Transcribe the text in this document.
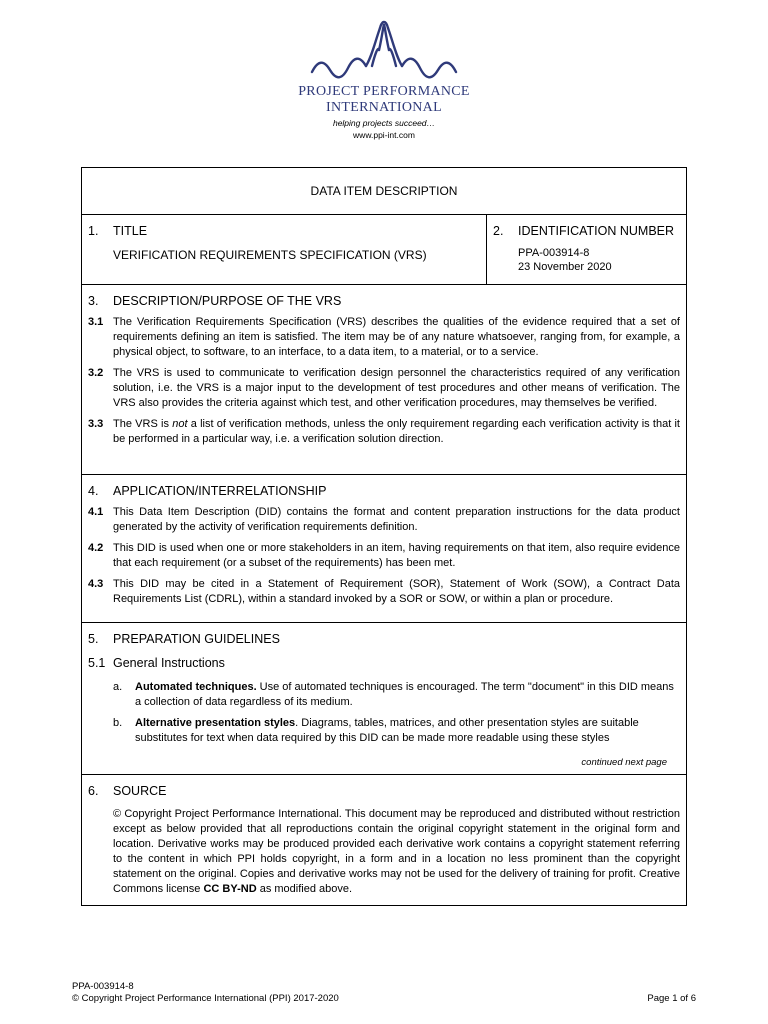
PROJECT PERFORMANCE
INTERNATIONAL
helping projects succeed…
www.ppi-int.com
DATA ITEM DESCRIPTION
1.	TITLE
VERIFICATION REQUIREMENTS SPECIFICATION (VRS)
2.	IDENTIFICATION NUMBER
PPA-003914-8
23 November 2020
3.	DESCRIPTION/PURPOSE OF THE VRS
3.1 The Verification Requirements Specification (VRS) describes the qualities of the evidence required that a set of requirements defining an item is satisfied. The item may be of any nature whatsoever, ranging from, for example, a physical object, to software, to an interface, to a data item, to a material, or to a service.
3.2 The VRS is used to communicate to verification design personnel the characteristics required of any verification solution, i.e. the VRS is a major input to the development of test procedures and other means of verification. The VRS also provides the criteria against which test, and other verification procedures, may themselves be verified.
3.3 The VRS is not a list of verification methods, unless the only requirement regarding each verification activity is that it be performed in a particular way, i.e. a verification solution direction.
4.	APPLICATION/INTERRELATIONSHIP
4.1 This Data Item Description (DID) contains the format and content preparation instructions for the data product generated by the activity of verification requirements definition.
4.2 This DID is used when one or more stakeholders in an item, having requirements on that item, also require evidence that each requirement (or a subset of the requirements) has been met.
4.3 This DID may be cited in a Statement of Requirement (SOR), Statement of Work (SOW), a Contract Data Requirements List (CDRL), within a standard invoked by a SOR or SOW, or within a plan or procedure.
5.	PREPARATION GUIDELINES
5.1 General Instructions
a.	Automated techniques. Use of automated techniques is encouraged. The term "document" in this DID means a collection of data regardless of its medium.
b.	Alternative presentation styles. Diagrams, tables, matrices, and other presentation styles are suitable substitutes for text when data required by this DID can be made more readable using these styles
continued next page
6.	SOURCE
© Copyright Project Performance International. This document may be reproduced and distributed without restriction except as below provided that all reproductions contain the original copyright statement in the original form and location. Derivative works may be produced provided each derivative work contains a copyright statement referring to the content in which PPI holds copyright, in a form and in a location no less prominent than the copyright statement on the original. Copies and derivative works may not be used for the delivery of training for profit. Creative Commons license CC BY-ND as modified above.
PPA-003914-8
© Copyright Project Performance International (PPI) 2017-2020	Page 1 of 6
